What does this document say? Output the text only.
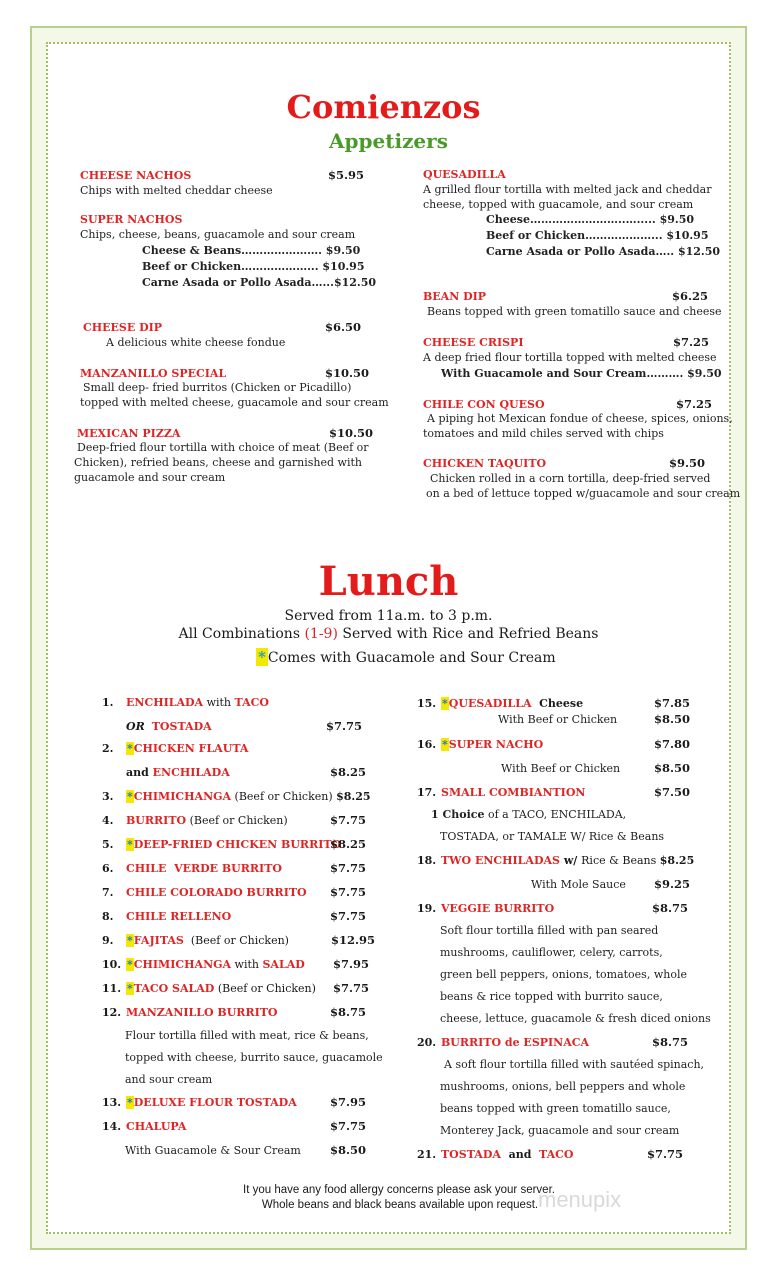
Comienzos
Appetizers
CHEESE NACHOS	$5.95
Chips with melted cheddar cheese
SUPER NACHOS
Chips, cheese, beans, guacamole and sour cream
Cheese & Beans…………………. $9.50
Beef or Chicken………………... $10.95
Carne Asada or Pollo Asada…...$12.50
CHEESE DIP	$6.50
A delicious white cheese fondue
MANZANILLO SPECIAL	$10.50
Small deep- fried burritos (Chicken or Picadillo)
topped with melted cheese, guacamole and sour cream
MEXICAN PIZZA	$10.50
Deep-fried flour tortilla with choice of meat (Beef or
Chicken), refried beans, cheese and garnished with
guacamole and sour cream
QUESADILLA
A grilled flour tortilla with melted jack and cheddar
cheese, topped with guacamole, and sour cream
Cheese……………………..…..... $9.50
Beef or Chicken………………... $10.95
Carne Asada or Pollo Asada….. $12.50
BEAN DIP	$6.25
Beans topped with green tomatillo sauce and cheese
CHEESE CRISPI	$7.25
A deep fried flour tortilla topped with melted cheese
With Guacamole and Sour Cream………. $9.50
CHILE CON QUESO	$7.25
A piping hot Mexican fondue of cheese, spices, onions,
tomatoes and mild chiles served with chips
CHICKEN TAQUITO	$9.50
Chicken rolled in a corn tortilla, deep-fried served
on a bed of lettuce topped w/guacamole and sour cream
Lunch
Served from 11a.m. to 3 p.m.
All Combinations (1-9) Served with Rice and Refried Beans
* Comes with Guacamole and Sour Cream
1. ENCHILADA with TACO
OR TOSTADA	$7.75
2. *CHICKEN FLAUTA
and ENCHILADA	$8.25
3. *CHIMICHANGA (Beef or Chicken) $8.25
4. BURRITO (Beef or Chicken)	$7.75
5. *DEEP-FRIED CHICKEN BURRITO
$8.25
6. CHILE  VERDE BURRITO	$7.75
7. CHILE COLORADO BURRITO $7.75
8. CHILE RELLENO	$7.75
9. *FAJITAS  (Beef or Chicken)	$12.95
10. *CHIMICHANGA with SALAD $7.95
11. *TACO SALAD (Beef or Chicken) $7.75
12. MANZANILLO BURRITO	$8.75
Flour tortilla filled with meat, rice & beans,
topped with cheese, burrito sauce, guacamole
and sour cream
13. *DELUXE FLOUR TOSTADA	$7.95
14. CHALUPA	$7.75
With Guacamole & Sour Cream	$8.50
15. *QUESADILLA  Cheese	$7.85
With Beef or Chicken	$8.50
16. *SUPER NACHO	$7.80
With Beef or Chicken	$8.50
17. SMALL COMBIANTION	$7.50
1 Choice of a TACO, ENCHILADA,
TOSTADA, or TAMALE W/ Rice & Beans
18. TWO ENCHILADAS w/ Rice & Beans $8.25
With Mole Sauce $9.25
19. VEGGIE BURRITO	$8.75
Soft flour tortilla filled with pan seared
mushrooms, cauliflower, celery, carrots,
green bell peppers, onions, tomatoes, whole
beans & rice topped with burrito sauce,
cheese, lettuce, guacamole & fresh diced onions
20. BURRITO de ESPINACA	$8.75
A soft flour tortilla filled with sautéed spinach,
mushrooms, onions, bell peppers and whole
beans topped with green tomatillo sauce,
Monterey Jack, guacamole and sour cream
21. TOSTADA  and  TACO	$7.75
It you have any food allergy concerns please ask your server.
Whole beans and black beans available upon request. menupix
